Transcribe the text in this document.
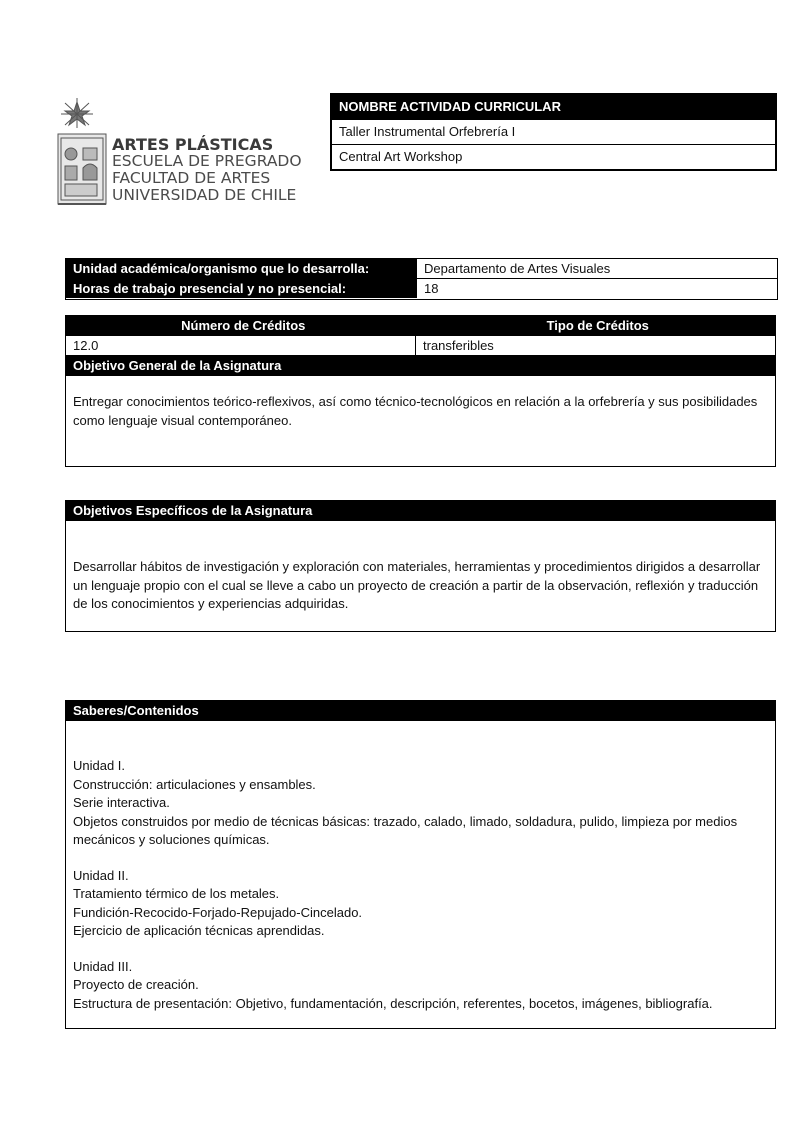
ARTES PLÁSTICAS
ESCUELA DE PREGRADO
FACULTAD DE ARTES
UNIVERSIDAD DE CHILE
NOMBRE ACTIVIDAD CURRICULAR
Taller Instrumental Orfebrería I
Central Art Workshop
Unidad académica/organismo que lo desarrolla:	Departamento de Artes Visuales
Horas de trabajo presencial y no presencial:	18
Número de Créditos	Tipo de Créditos
12.0	transferibles
Objetivo General de la Asignatura
Entregar conocimientos teórico-reflexivos, así como técnico-tecnológicos en relación a la orfebrería y sus posibilidades como lenguaje visual contemporáneo.
Objetivos Específicos de la Asignatura
Desarrollar hábitos de investigación y exploración con materiales, herramientas y procedimientos dirigidos a desarrollar un lenguaje propio con el cual se lleve a cabo un proyecto de creación a partir de la observación, reflexión y traducción de los conocimientos y experiencias adquiridas.
Saberes/Contenidos
Unidad I.
Construcción: articulaciones y ensambles.
Serie interactiva.
Objetos construidos por medio de técnicas básicas: trazado, calado, limado, soldadura, pulido, limpieza por medios mecánicos y soluciones químicas.
Unidad II.
Tratamiento térmico de los metales.
Fundición-Recocido-Forjado-Repujado-Cincelado.
Ejercicio de aplicación técnicas aprendidas.
Unidad III.
Proyecto de creación.
Estructura de presentación: Objetivo, fundamentación, descripción, referentes, bocetos, imágenes, bibliografía.
